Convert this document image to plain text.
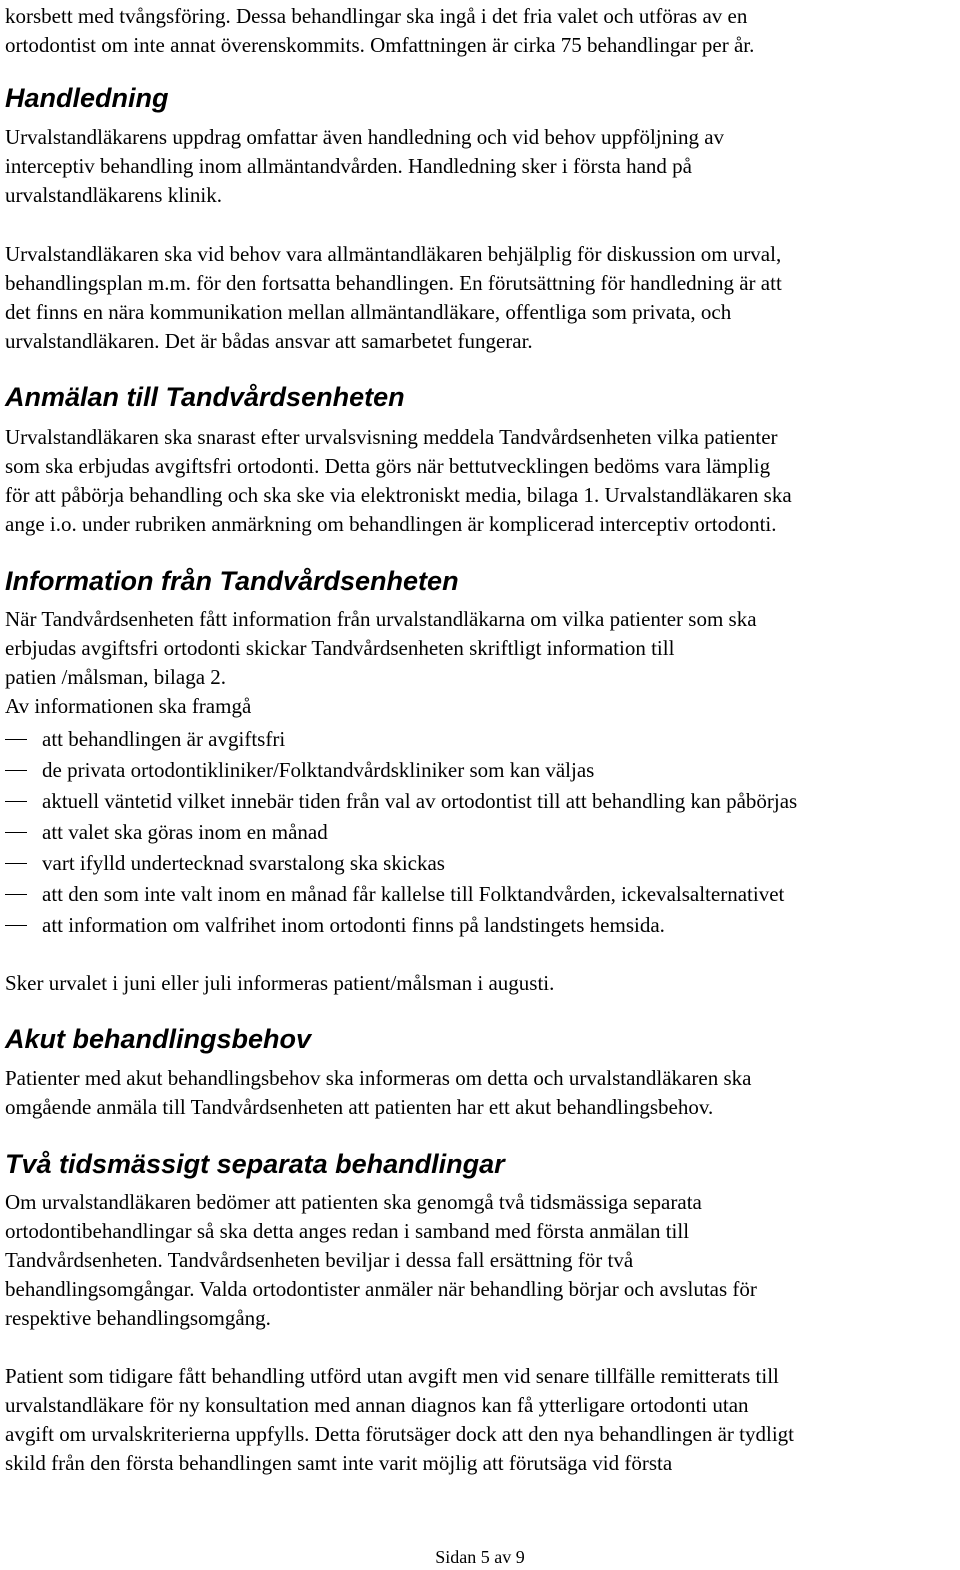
korsbett med tvångsföring. Dessa behandlingar ska ingå i det fria valet och utföras av en
ortodontist om inte annat överenskommits. Omfattningen är cirka 75 behandlingar per år.
Handledning
Urvalstandläkarens uppdrag omfattar även handledning och vid behov uppföljning av
interceptiv behandling inom allmäntandvården. Handledning sker i första hand på
urvalstandläkarens klinik.
Urvalstandläkaren ska vid behov vara allmäntandläkaren behjälplig för diskussion om urval,
behandlingsplan m.m. för den fortsatta behandlingen. En förutsättning för handledning är att
det finns en nära kommunikation mellan allmäntandläkare, offentliga som privata, och
urvalstandläkaren. Det är bådas ansvar att samarbetet fungerar.
Anmälan till Tandvårdsenheten
Urvalstandläkaren ska snarast efter urvalsvisning meddela Tandvårdsenheten vilka patienter
som ska erbjudas avgiftsfri ortodonti. Detta görs när bettutvecklingen bedöms vara lämplig
för att påbörja behandling och ska ske via elektroniskt media, bilaga 1. Urvalstandläkaren ska
ange i.o. under rubriken anmärkning om behandlingen är komplicerad interceptiv ortodonti.
Information från Tandvårdsenheten
När Tandvårdsenheten fått information från urvalstandläkarna om vilka patienter som ska
erbjudas avgiftsfri ortodonti skickar Tandvårdsenheten skriftligt information till
patien /målsman, bilaga 2.
Av informationen ska framgå
att behandlingen är avgiftsfri
de privata ortodontikliniker/Folktandvårdskliniker som kan väljas
aktuell väntetid vilket innebär tiden från val av ortodontist till att behandling kan påbörjas
att valet ska göras inom en månad
vart ifylld undertecknad svarstalong ska skickas
att den som inte valt inom en månad får kallelse till Folktandvården, ickevalsalternativet
att information om valfrihet inom ortodonti finns på landstingets hemsida.
Sker urvalet i juni eller juli informeras patient/målsman i augusti.
Akut behandlingsbehov
Patienter med akut behandlingsbehov ska informeras om detta och urvalstandläkaren ska
omgående anmäla till Tandvårdsenheten att patienten har ett akut behandlingsbehov.
Två tidsmässigt separata behandlingar
Om urvalstandläkaren bedömer att patienten ska genomgå två tidsmässiga separata
ortodontibehandlingar så ska detta anges redan i samband med första anmälan till
Tandvårdsenheten. Tandvårdsenheten beviljar i dessa fall ersättning för två
behandlingsomgångar. Valda ortodontister anmäler när behandling börjar och avslutas för
respektive behandlingsomgång.
Patient som tidigare fått behandling utförd utan avgift men vid senare tillfälle remitterats till
urvalstandläkare för ny konsultation med annan diagnos kan få ytterligare ortodonti utan
avgift om urvalskriterierna uppfylls. Detta förutsäger dock att den nya behandlingen är tydligt
skild från den första behandlingen samt inte varit möjlig att förutsäga vid första
Sidan 5 av 9
